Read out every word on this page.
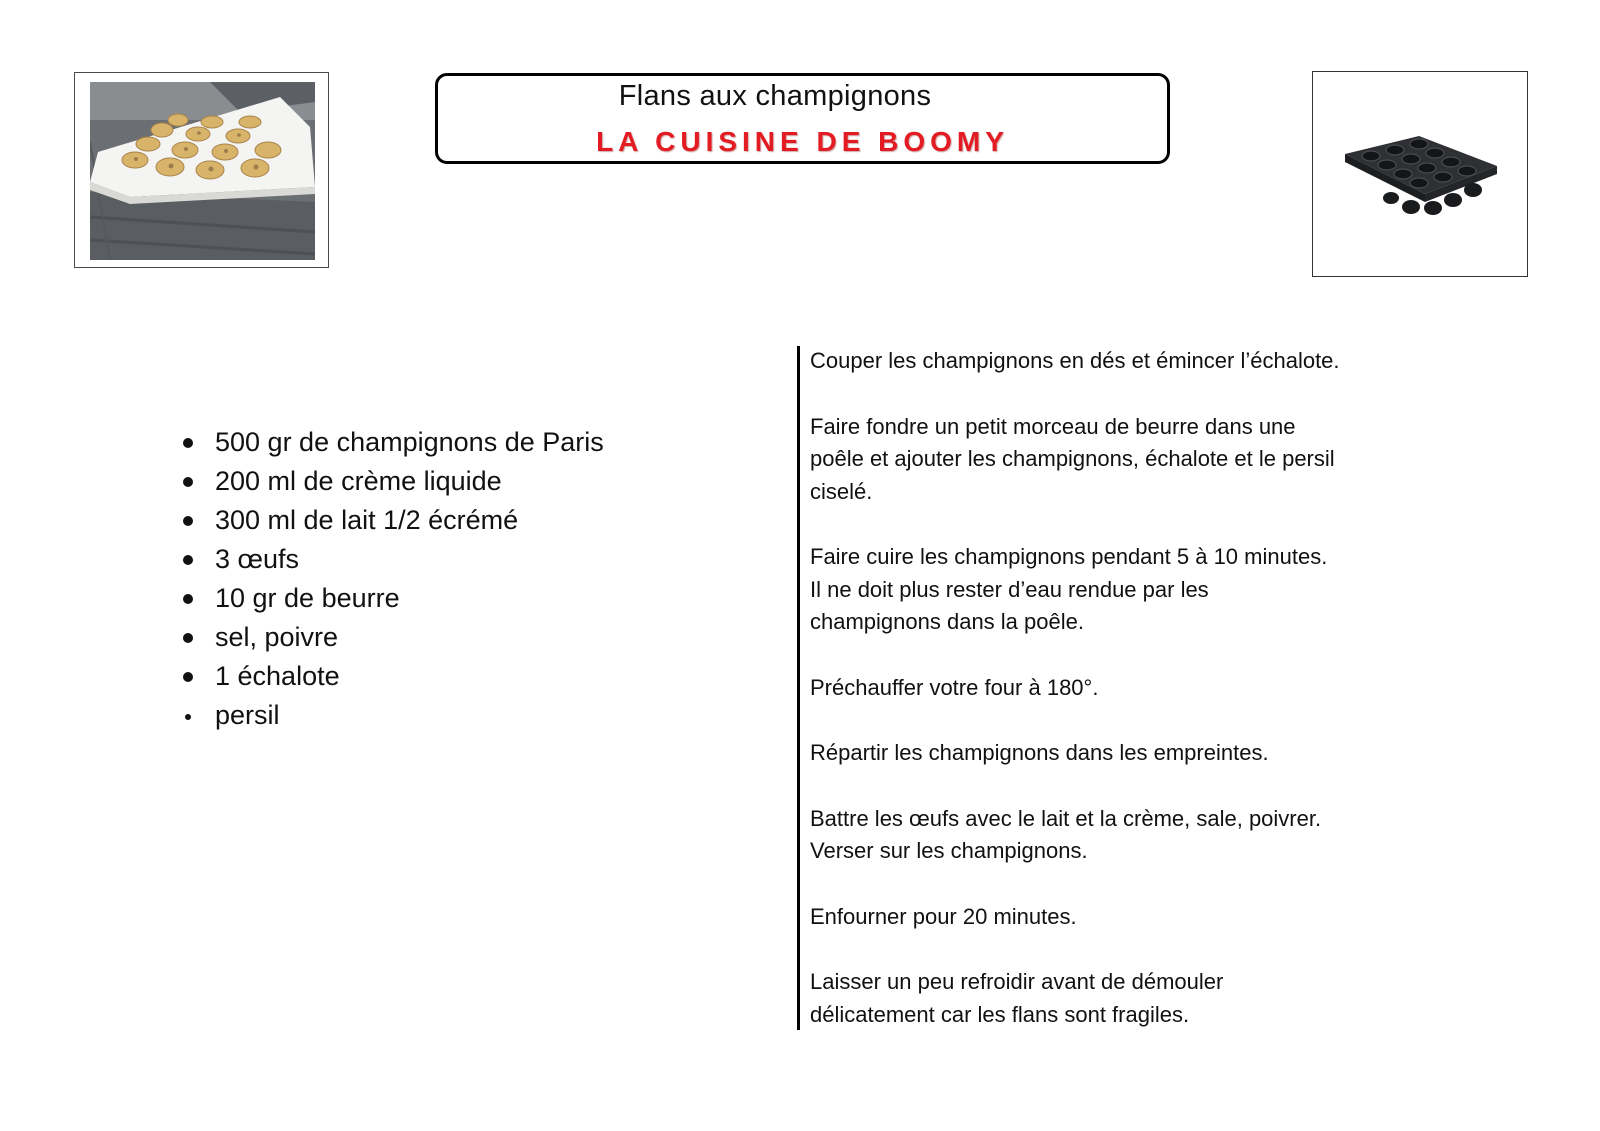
Flans aux champignons
LA CUISINE DE BOOMY
500 gr de champignons de Paris
200 ml de crème liquide
300 ml de lait 1/2 écrémé
3 œufs
10 gr de beurre
sel, poivre
1 échalote
persil

Couper les champignons en dés et émincer l’échalote.

Faire fondre un petit morceau de beurre dans une
poêle et ajouter les champignons, échalote et le persil
ciselé.

Faire cuire les champignons pendant 5 à 10 minutes.
Il ne doit plus rester d’eau rendue par les
champignons dans la poêle.

Préchauffer votre four à 180°.

Répartir les champignons dans les empreintes.

Battre les œufs avec le lait et la crème, sale, poivrer.
Verser sur les champignons.

Enfourner pour 20 minutes.

Laisser un peu refroidir avant de démouler
délicatement car les flans sont fragiles.
